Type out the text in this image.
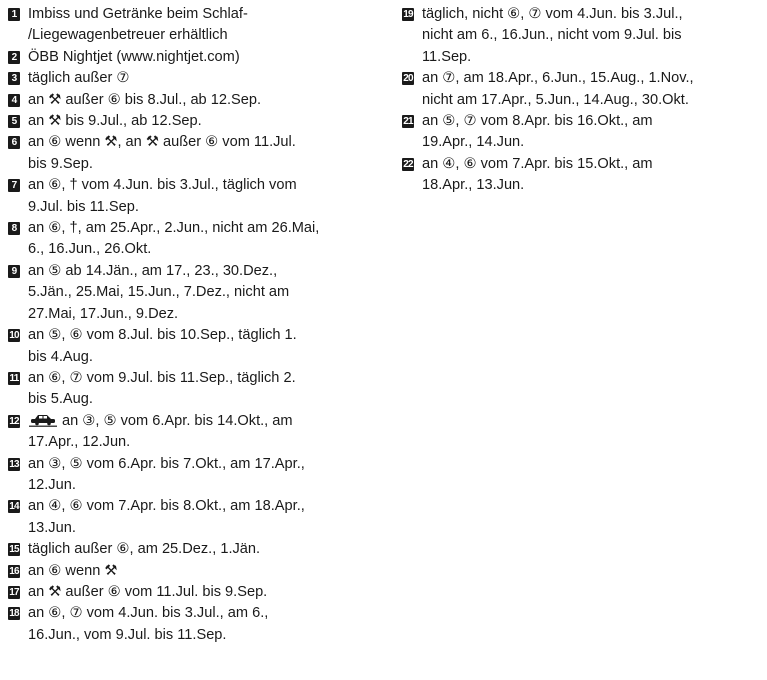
1 Imbiss und Getränke beim Schlaf-
/Liegewagenbetreuer erhältlich
2 ÖBB Nightjet (www.nightjet.com)
3 täglich außer ⑦
4 an ⚒ außer ⑥ bis 8.Jul., ab 12.Sep.
5 an ⚒ bis 9.Jul., ab 12.Sep.
6 an ⑥ wenn ⚒, an ⚒ außer ⑥ vom 11.Jul.
bis 9.Sep.
7 an ⑥, † vom 4.Jun. bis 3.Jul., täglich vom
9.Jul. bis 11.Sep.
8 an ⑥, †, am 25.Apr., 2.Jun., nicht am 26.Mai,
6., 16.Jun., 26.Okt.
9 an ⑤ ab 14.Jän., am 17., 23., 30.Dez.,
5.Jän., 25.Mai, 15.Jun., 7.Dez., nicht am
27.Mai, 17.Jun., 9.Dez.
10 an ⑤, ⑥ vom 8.Jul. bis 10.Sep., täglich 1.
bis 4.Aug.
11 an ⑥, ⑦ vom 9.Jul. bis 11.Sep., täglich 2.
bis 5.Aug.
12	an ③, ⑤ vom 6.Apr. bis 14.Okt., am
17.Apr., 12.Jun.
13 an ③, ⑤ vom 6.Apr. bis 7.Okt., am 17.Apr.,
12.Jun.
14 an ④, ⑥ vom 7.Apr. bis 8.Okt., am 18.Apr.,
13.Jun.
15 täglich außer ⑥, am 25.Dez., 1.Jän.
16 an ⑥ wenn ⚒
17 an ⚒ außer ⑥ vom 11.Jul. bis 9.Sep.
18 an ⑥, ⑦ vom 4.Jun. bis 3.Jul., am 6.,
16.Jun., vom 9.Jul. bis 11.Sep.
19 täglich, nicht ⑥, ⑦ vom 4.Jun. bis 3.Jul.,
nicht am 6., 16.Jun., nicht vom 9.Jul. bis
11.Sep.
20 an ⑦, am 18.Apr., 6.Jun., 15.Aug., 1.Nov.,
nicht am 17.Apr., 5.Jun., 14.Aug., 30.Okt.
21 an ⑤, ⑦ vom 8.Apr. bis 16.Okt., am
19.Apr., 14.Jun.
22 an ④, ⑥ vom 7.Apr. bis 15.Okt., am
18.Apr., 13.Jun.
